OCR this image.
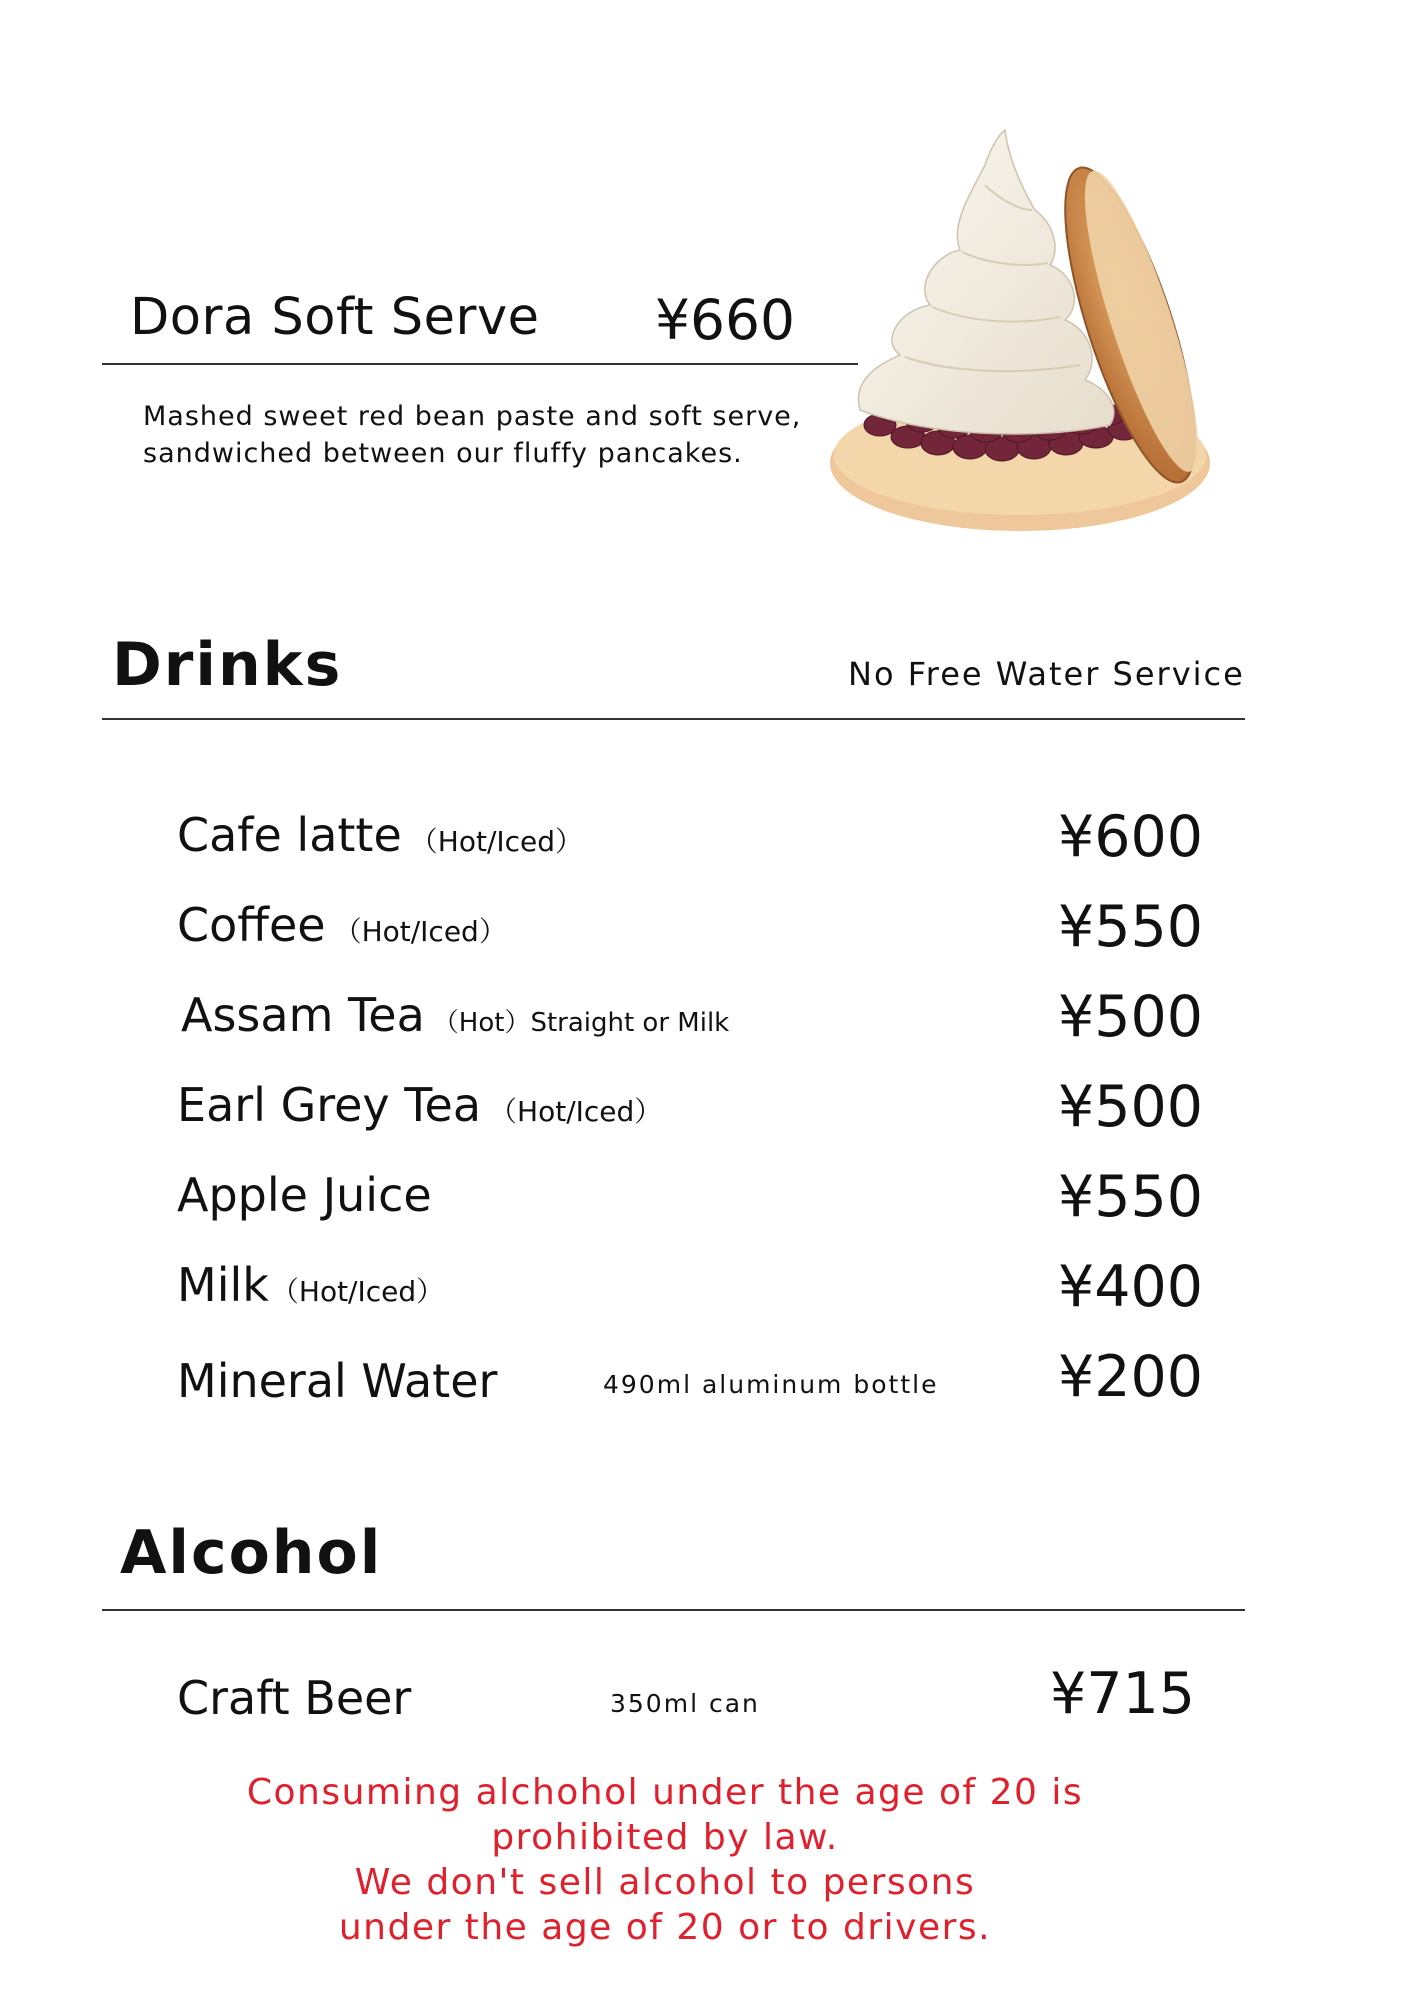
Dora Soft Serve ¥660
Mashed sweet red bean paste and soft serve,
sandwiched between our fluffy pancakes.
Drinks	No Free Water Service
Cafe latte （Hot/Iced）	¥600
Coffee （Hot/Iced）	¥550
Assam Tea （Hot）Straight or Milk	¥500
Earl Grey Tea （Hot/Iced）	¥500
Apple Juice	¥550
Milk（Hot/Iced）	¥400
Mineral Water	490ml aluminum bottle ¥200
Alcohol
Craft Beer	350ml can	¥715
Consuming alchohol under the age of 20 is
prohibited by law.
We don't sell alcohol to persons
under the age of 20 or to drivers.
